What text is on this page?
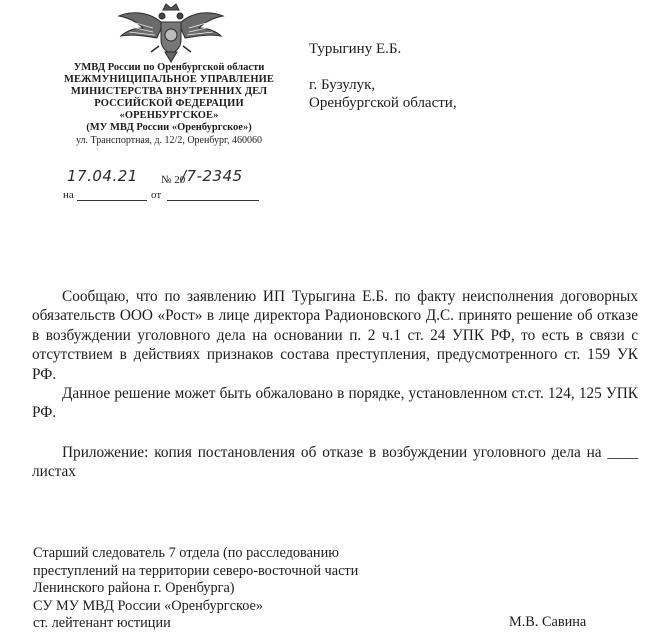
УМВД России по Оренбургской области
МЕЖМУНИЦИПАЛЬНОЕ УПРАВЛЕНИЕ
МИНИСТЕРСТВА ВНУТРЕННИХ ДЕЛ
РОССИЙСКОЙ ФЕДЕРАЦИИ
«ОРЕНБУРГСКОЕ»
(МУ МВД России «Оренбургское»)
ул. Транспортная, д. 12/2, Оренбург, 460060
17.04.21 № 20
/7-2345
на	от
Турыгину Е.Б.
г. Бузулук,
Оренбургской области,

Сообщаю, что по заявлению ИП Турыгина Е.Б. по факту неисполнения договорных обязательств ООО «Рост» в лице директора Радионовского Д.С. принято решение об отказе в возбуждении уголовного дела на основании п. 2 ч.1 ст. 24 УПК РФ, то есть в связи с отсутствием в действиях признаков состава преступления, предусмотренного ст. 159 УК РФ.

Данное решение может быть обжаловано в порядке, установленном ст.ст. 124, 125 УПК РФ.

Приложение: копия постановления об отказе в возбуждении уголовного дела на ____ листах

Старший следователь 7 отдела (по расследованию
преступлений на территории северо-восточной части
Ленинского района г. Оренбурга)
СУ МУ МВД России «Оренбургское»
ст. лейтенант юстиции	М.В. Савина
